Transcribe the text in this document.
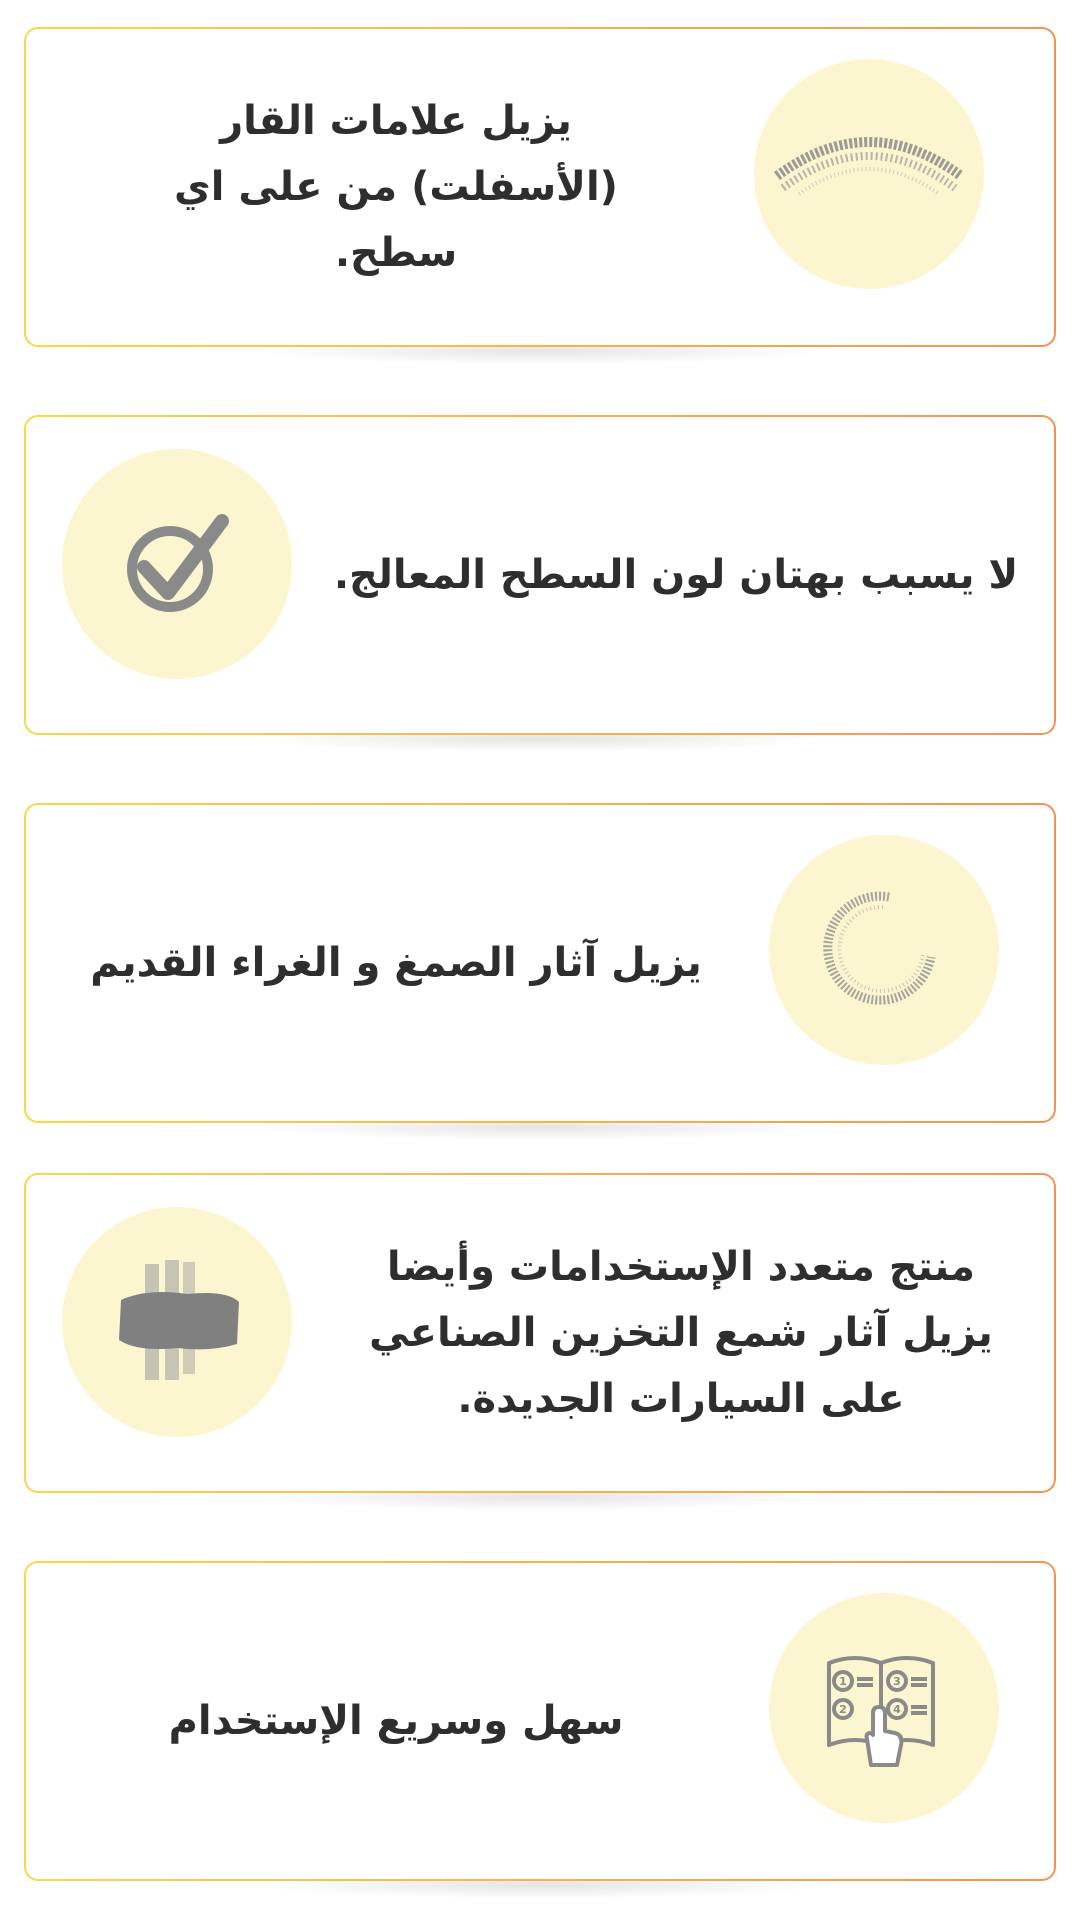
يزيل علامات القار (الأسفلت) من على اي سطح.
لا يسبب بهتان لون السطح المعالج.
يزيل آثار الصمغ و الغراء القديم
منتج متعدد الإستخدامات وأيضا يزيل آثار شمع التخزين الصناعي على السيارات الجديدة.
1
2
3
4
سهل وسريع الإستخدام
